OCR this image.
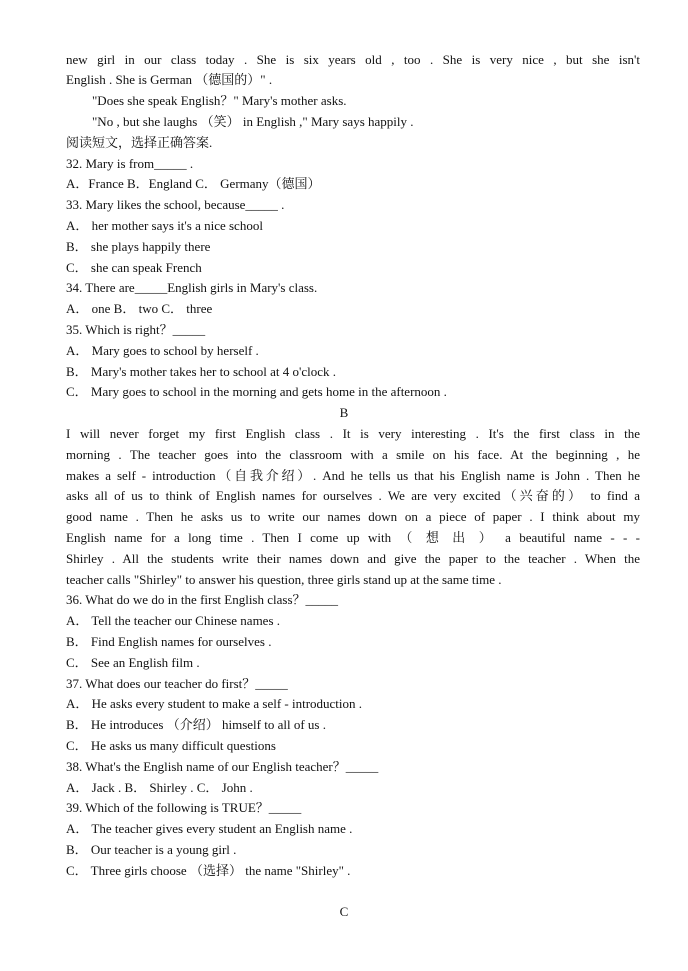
new girl in our class today . She is six years old , too . She is very nice , but she isn't
English . She is German （德国的）" .
"Does she speak English？" Mary's mother asks.
"No , but she laughs （笑） in English ," Mary says happily .
阅读短文，选择正确答案.
32. Mary is from_____ .
A．France B．England C． Germany（德国）
33. Mary likes the school, because_____ .
A． her mother says it's a nice school
B． she plays happily there
C． she can speak French
34. There are_____English girls in Mary's class.
A． one B． two C． three
35. Which is right？_____
A． Mary goes to school by herself .
B． Mary's mother takes her to school at 4 o'clock .
C． Mary goes to school in the morning and gets home in the afternoon .
B
I will never forget my first English class . It is very interesting . It's the first class in the
morning . The teacher goes into the classroom with a smile on his face. At the beginning , he
makes a self - introduction（自我介绍）. And he tells us that his English name is John . Then he
asks all of us to think of English names for ourselves . We are very excited（兴奋的） to find a
good name . Then he asks us to write our names down on a piece of paper . I think about my
English name for a long time . Then I come up with （ 想 出 ） a beautiful name - - -
Shirley . All the students write their names down and give the paper to the teacher . When the
teacher calls "Shirley" to answer his question, three girls stand up at the same time .
36. What do we do in the first English class？_____
A． Tell the teacher our Chinese names .
B． Find English names for ourselves .
C． See an English film .
37. What does our teacher do first？_____
A． He asks every student to make a self - introduction .
B． He introduces （介绍） himself to all of us .
C． He asks us many difficult questions
38. What's the English name of our English teacher？_____
A． Jack . B． Shirley . C． John .
39. Which of the following is TRUE？_____
A． The teacher gives every student an English name .
B． Our teacher is a young girl .
C． Three girls choose （选择） the name "Shirley" .
C
